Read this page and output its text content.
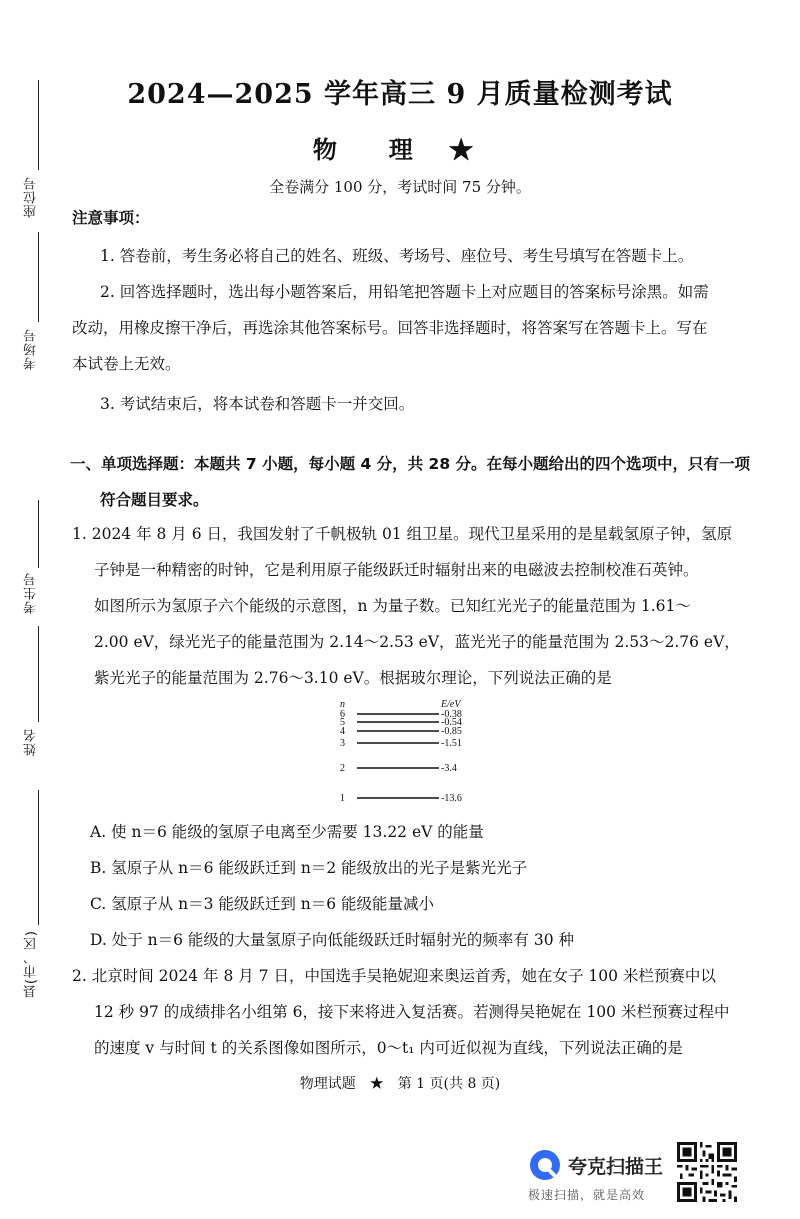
座位号
考场号
考生号
姓名
县(市、区)
2024—2025 学年高三 9 月质量检测考试
物　理 ★
全卷满分 100 分，考试时间 75 分钟。
注意事项：
1. 答卷前，考生务必将自己的姓名、班级、考场号、座位号、考生号填写在答题卡上。
2. 回答选择题时，选出每小题答案后，用铅笔把答题卡上对应题目的答案标号涂黑。如需
改动，用橡皮擦干净后，再选涂其他答案标号。回答非选择题时，将答案写在答题卡上。写在
本试卷上无效。
3. 考试结束后，将本试卷和答题卡一并交回。
一、单项选择题：本题共 7 小题，每小题 4 分，共 28 分。在每小题给出的四个选项中，只有一项
符合题目要求。
1. 2024 年 8 月 6 日，我国发射了千帆极轨 01 组卫星。现代卫星采用的是星载氢原子钟，氢原
子钟是一种精密的时钟，它是利用原子能级跃迁时辐射出来的电磁波去控制校准石英钟。
如图所示为氢原子六个能级的示意图，n 为量子数。已知红光光子的能量范围为 1.61～
2.00 eV，绿光光子的能量范围为 2.14～2.53 eV，蓝光光子的能量范围为 2.53～2.76 eV，
紫光光子的能量范围为 2.76～3.10 eV。根据玻尔理论，下列说法正确的是
n	E/eV
6	-0.38
5	-0.54
4	-0.85
3	-1.51
2	-3.4
1	-13.6
A. 使 n＝6 能级的氢原子电离至少需要 13.22 eV 的能量
B. 氢原子从 n＝6 能级跃迁到 n＝2 能级放出的光子是紫光光子
C. 氢原子从 n＝3 能级跃迁到 n＝6 能级能量减小
D. 处于 n＝6 能级的大量氢原子向低能级跃迁时辐射光的频率有 30 种
2. 北京时间 2024 年 8 月 7 日，中国选手吴艳妮迎来奥运首秀，她在女子 100 米栏预赛中以
12 秒 97 的成绩排名小组第 6，接下来将进入复活赛。若测得吴艳妮在 100 米栏预赛过程中
的速度 v 与时间 t 的关系图像如图所示，0～t₁ 内可近似视为直线，下列说法正确的是
物理试题　★　第 1 页(共 8 页)
夸克扫描王
极速扫描，就是高效
